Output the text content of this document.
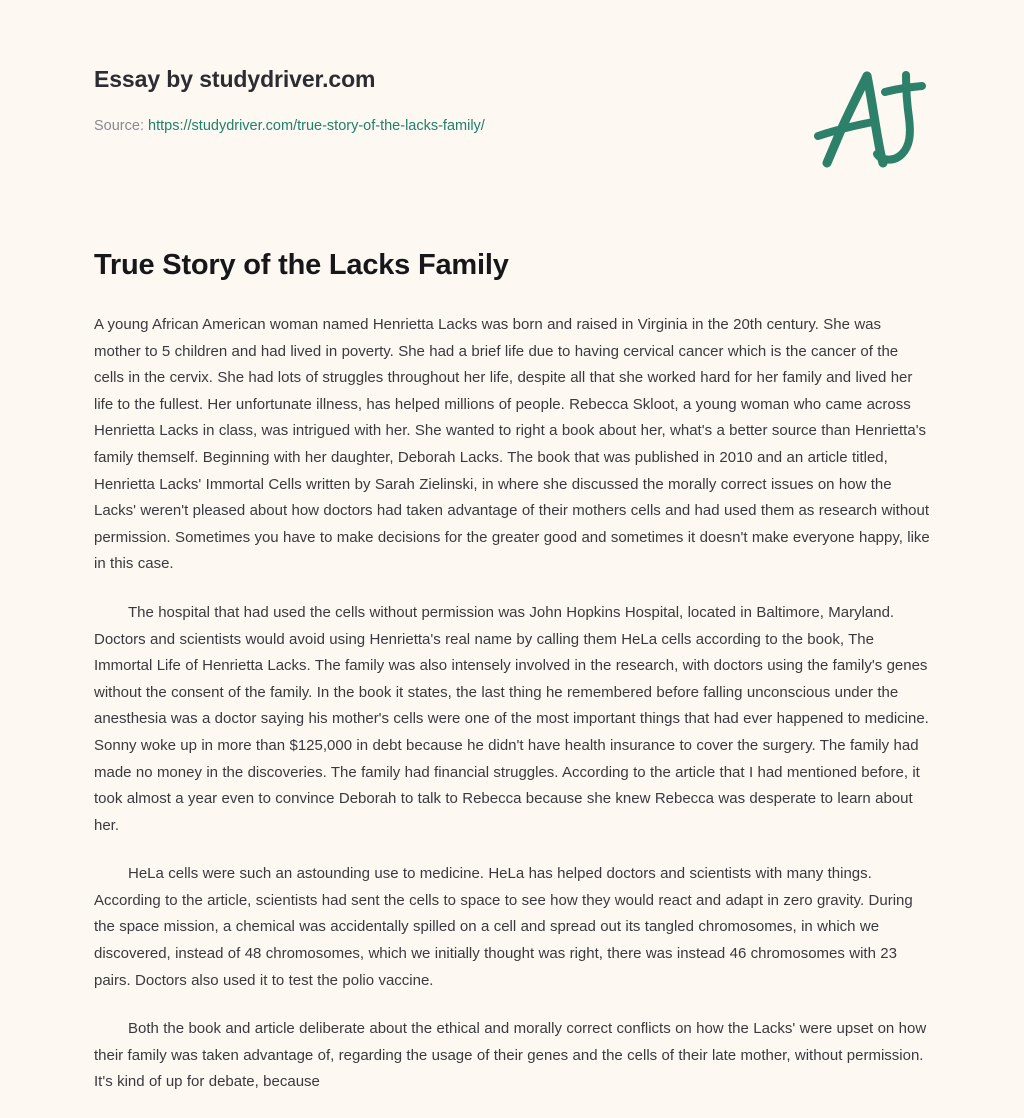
Essay by studydriver.com
Source: https://studydriver.com/true-story-of-the-lacks-family/
True Story of the Lacks Family

A young African American woman named Henrietta Lacks was born and raised in Virginia in the 20th century. She was mother to 5 children and had lived in poverty. She had a brief life due to having cervical cancer which is the cancer of the cells in the cervix. She had lots of struggles throughout her life, despite all that she worked hard for her family and lived her life to the fullest. Her unfortunate illness, has helped millions of people. Rebecca Skloot, a young woman who came across Henrietta Lacks in class, was intrigued with her. She wanted to right a book about her, what's a better source than Henrietta's family themself. Beginning with her daughter, Deborah Lacks. The book that was published in 2010 and an article titled, Henrietta Lacks' Immortal Cells written by Sarah Zielinski, in where she discussed the morally correct issues on how the Lacks' weren't pleased about how doctors had taken advantage of their mothers cells and had used them as research without permission. Sometimes you have to make decisions for the greater good and sometimes it doesn't make everyone happy, like in this case.

The hospital that had used the cells without permission was John Hopkins Hospital, located in Baltimore, Maryland. Doctors and scientists would avoid using Henrietta's real name by calling them HeLa cells according to the book, The Immortal Life of Henrietta Lacks. The family was also intensely involved in the research, with doctors using the family's genes without the consent of the family. In the book it states, the last thing he remembered before falling unconscious under the anesthesia was a doctor saying his mother's cells were one of the most important things that had ever happened to medicine. Sonny woke up in more than $125,000 in debt because he didn't have health insurance to cover the surgery. The family had made no money in the discoveries. The family had financial struggles. According to the article that I had mentioned before, it took almost a year even to convince Deborah to talk to Rebecca because she knew Rebecca was desperate to learn about her.

HeLa cells were such an astounding use to medicine. HeLa has helped doctors and scientists with many things. According to the article, scientists had sent the cells to space to see how they would react and adapt in zero gravity. During the space mission, a chemical was accidentally spilled on a cell and spread out its tangled chromosomes, in which we discovered, instead of 48 chromosomes, which we initially thought was right, there was instead 46 chromosomes with 23 pairs. Doctors also used it to test the polio vaccine.

Both the book and article deliberate about the ethical and morally correct conflicts on how the Lacks' were upset on how their family was taken advantage of, regarding the usage of their genes and the cells of their late mother, without permission. It's kind of up for debate, because
